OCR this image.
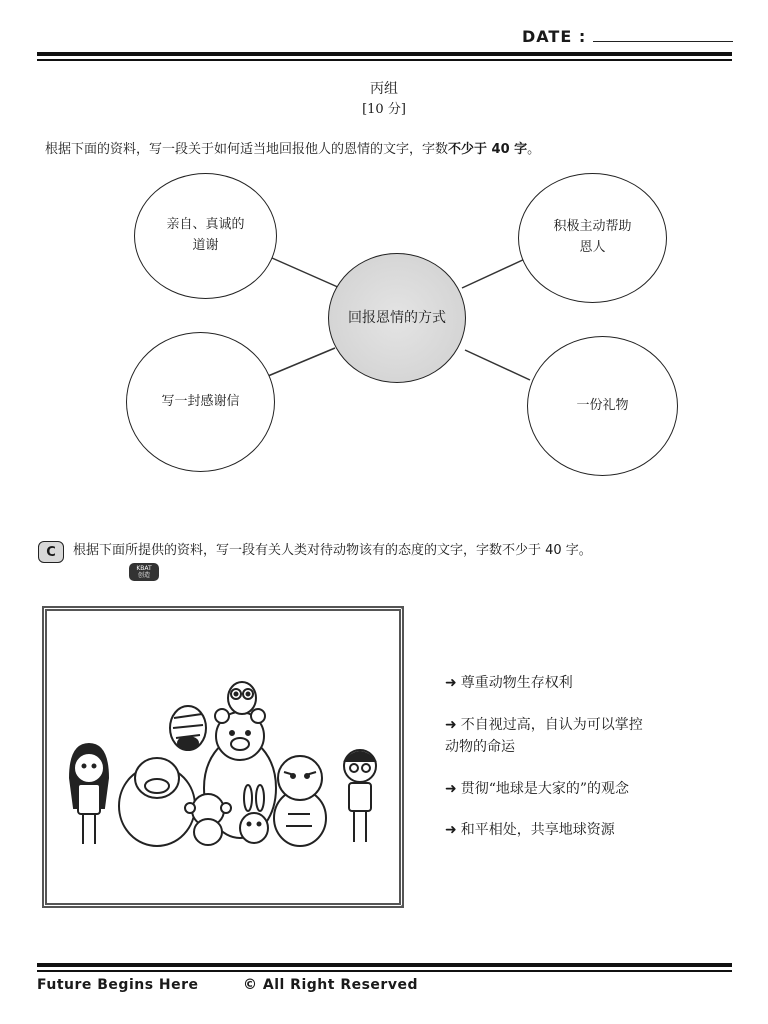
DATE :
丙组
[10 分]
根据下面的资料，写一段关于如何适当地回报他人的恩情的文字，字数不少于 40 字。
回报恩情的方式
亲自、真诚的
道谢
积极主动帮助
恩人
写一封感谢信	一份礼物
C	根据下面所提供的资料，写一段有关人类对待动物该有的态度的文字，字数不少于 40 字。
KBAT
创造
➜ 尊重动物生存权利
➜ 不自视过高，自认为可以掌控
动物的命运
➜ 贯彻“地球是大家的”的观念
➜ 和平相处，共享地球资源
Future Begins Here	© All Right Reserved
